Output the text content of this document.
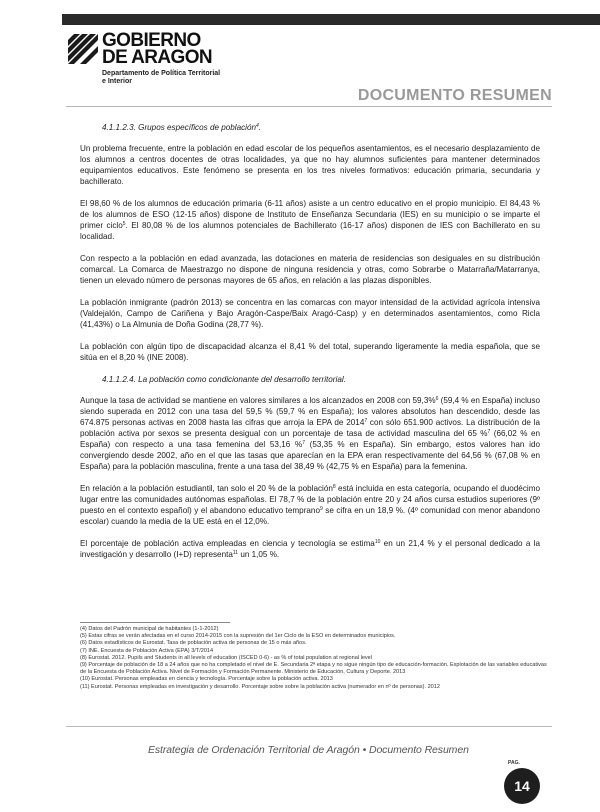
GOBIERNO
DE ARAGON
Departamento de Política Territorial
e Interior
DOCUMENTO RESUMEN

4.1.1.2.3. Grupos específicos de población$^4$.

Un problema frecuente, entre la población en edad escolar de los pequeños asentamientos, es el necesario desplazamiento de los alumnos a centros docentes de otras localidades, ya que no hay alumnos suficientes para mantener determinados equipamientos educativos. Este fenómeno se presenta en los tres niveles formativos: educación primaria, secundaria y bachillerato.

El 98,60 % de los alumnos de educación primaria (6-11 años) asiste a un centro educativo en el propio municipio. El 84,43 % de los alumnos de ESO (12-15 años) dispone de Instituto de Enseñanza Secundaria (IES) en su municipio o se imparte el primer ciclo$^5$. El 80,08 % de los alumnos potenciales de Bachillerato (16-17 años) disponen de IES con Bachillerato en su localidad.

Con respecto a la población en edad avanzada, las dotaciones en materia de residencias son desiguales en su distribución comarcal. La Comarca de Maestrazgo no dispone de ninguna residencia y otras, como Sobrarbe o Matarraña/Matarranya, tienen un elevado número de personas mayores de 65 años, en relación a las plazas disponibles.

La población inmigrante (padrón 2013) se concentra en las comarcas con mayor intensidad de la actividad agrícola intensiva (Valdejalón, Campo de Cariñena y Bajo Aragón-Caspe/Baix Aragó-Casp) y en determinados asentamientos, como Ricla (41,43%) o La Almunia de Doña Godina (28,77 %).

La población con algún tipo de discapacidad alcanza el 8,41 % del total, superando ligeramente la media española, que se sitúa en el 8,20 % (INE 2008).

4.1.1.2.4. La población como condicionante del desarrollo territorial.

Aunque la tasa de actividad se mantiene en valores similares a los alcanzados en 2008 con 59,3%$^6$ (59,4 % en España) incluso siendo superada en 2012 con una tasa del 59,5 % (59,7 % en España); los valores absolutos han descendido, desde las 674.875 personas activas en 2008 hasta las cifras que arroja la EPA de 2014$^7$ con sólo 651.900 activos. La distribución de la población activa por sexos se presenta desigual con un porcentaje de tasa de actividad masculina del 65 %$^7$ (66,02 % en España) con respecto a una tasa femenina del 53,16 %$^7$ (53,35 % en España). Sin embargo, estos valores han ido convergiendo desde 2002, año en el que las tasas que aparecían en la EPA eran respectivamente del 64,56 % (67,08 % en España) para la población masculina, frente a una tasa del 38,49 % (42,75 % en España) para la femenina.

En relación a la población estudiantil, tan solo el 20 % de la población$^8$ está incluida en esta categoría, ocupando el duodécimo lugar entre las comunidades autónomas españolas. El 78,7 % de la población entre 20 y 24 años cursa estudios superiores (9º puesto en el contexto español) y el abandono educativo temprano$^9$ se cifra en un 18,9 %. (4º comunidad con menor abandono escolar) cuando la media de la UE está en el 12,0%.

El porcentaje de población activa empleadas en ciencia y tecnología se estima$^{10}$ en un 21,4 % y el personal dedicado a la investigación y desarrollo (I+D) representa$^{11}$ un 1,05 %.

(4) Datos del Padrón municipal de habitantes (1-1-2012)
(5) Estas cifras se verán afectadas en el curso 2014-2015 con la supresión del 1er Ciclo de la ESO en determinados municipios.
(6) Datos estadísticos de Eurostat. Tasa de población activa de personas de 15 o más años.
(7) INE. Encuesta de Población Activa (EPA) 3/T/2014
(8) Eurostat. 2012. Pupils and Students in all levels of education (ISCED 0-6) - as % of total population at regional level
(9) Porcentaje de población de 18 a 24 años que no ha completado el nivel de E. Secundaria 2ª etapa y no sigue ningún tipo de educación-formación. Explotación de las variables educativas de la Encuesta de Población Activa. Nivel de Formación y Formación Permanente. Ministerio de Educación, Cultura y Deporte. 2013
(10) Eurostat. Personas empleadas en ciencia y tecnología. Porcentaje sobre la población activa. 2013
(11) Eurostat. Personas empleadas en investigación y desarrollo. Porcentaje sobre sobre la población activa (numerador en nº de personas). 2012
Estrategia de Ordenación Territorial de Aragón • Documento Resumen
PAG.
14
